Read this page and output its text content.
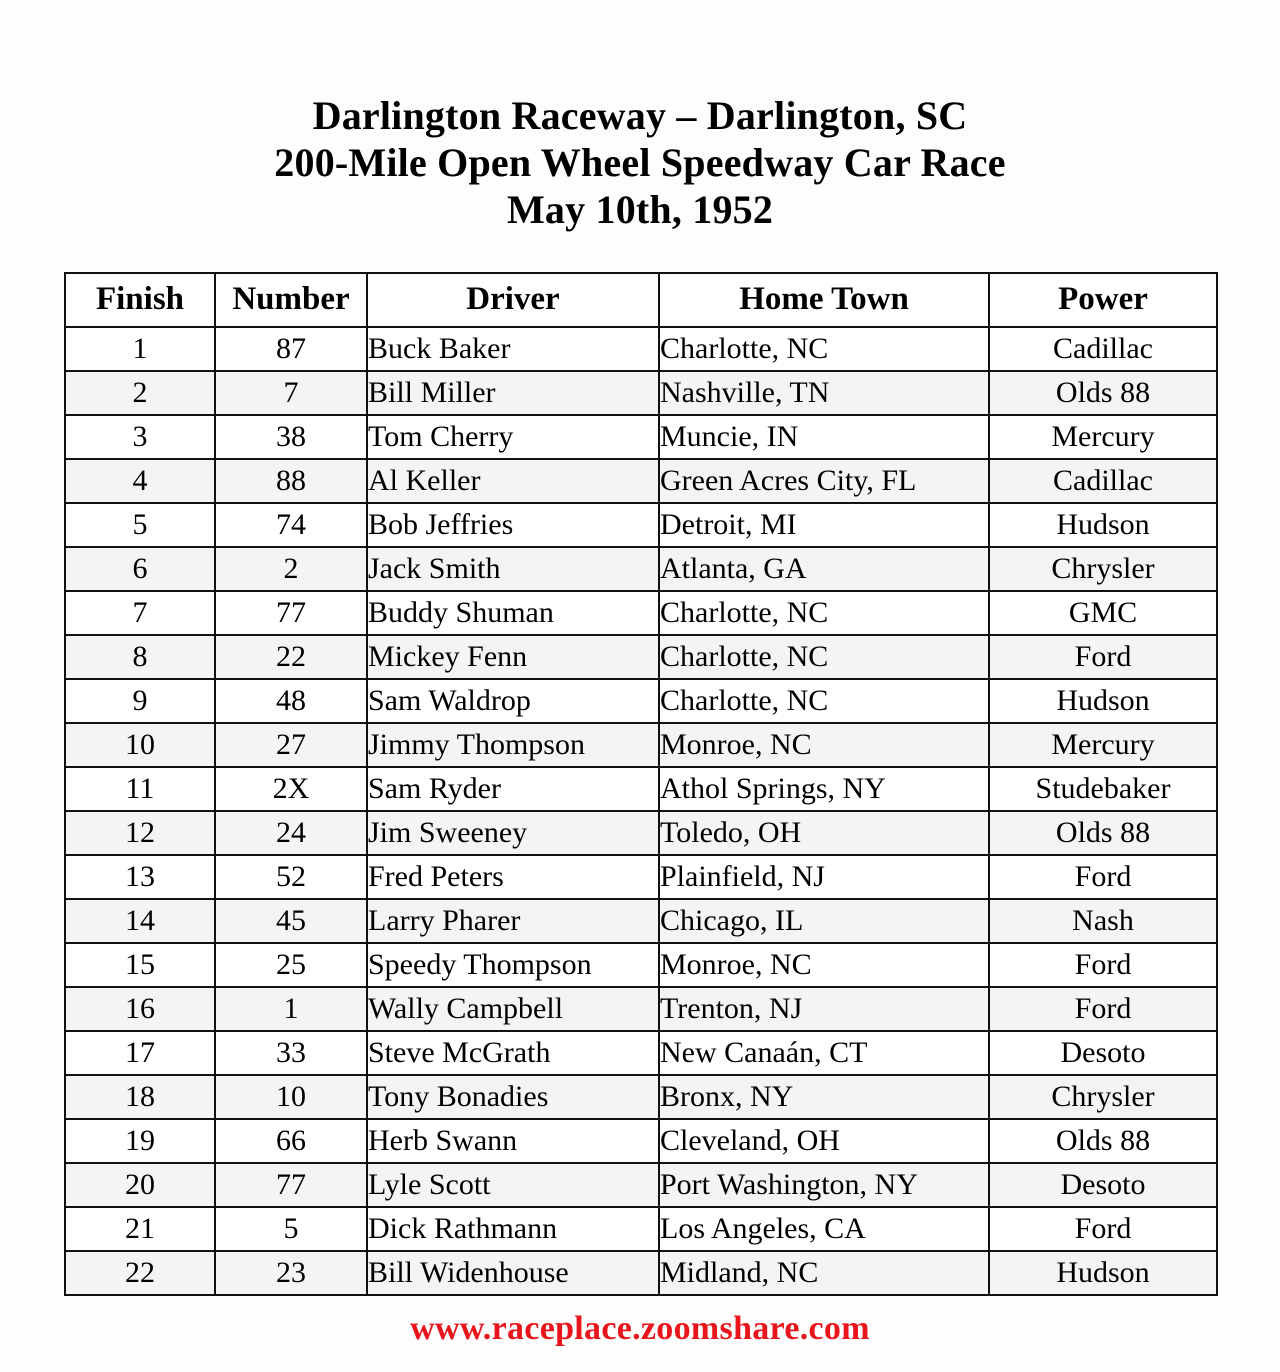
Darlington Raceway – Darlington, SC
200-Mile Open Wheel Speedway Car Race
May 10th, 1952
Finish	Number	Driver	Home Town	Power
1	87	Buck Baker	Charlotte, NC	Cadillac
2	7	Bill Miller	Nashville, TN	Olds 88
3	38	Tom Cherry	Muncie, IN	Mercury
4	88	Al Keller	Green Acres City, FL	Cadillac
5	74	Bob Jeffries	Detroit, MI	Hudson
6	2	Jack Smith	Atlanta, GA	Chrysler
7	77	Buddy Shuman	Charlotte, NC	GMC
8	22	Mickey Fenn	Charlotte, NC	Ford
9	48	Sam Waldrop	Charlotte, NC	Hudson
10	27	Jimmy Thompson	Monroe, NC	Mercury
11	2X	Sam Ryder	Athol Springs, NY	Studebaker
12	24	Jim Sweeney	Toledo, OH	Olds 88
13	52	Fred Peters	Plainfield, NJ	Ford
14	45	Larry Pharer	Chicago, IL	Nash
15	25	Speedy Thompson	Monroe, NC	Ford
16	1	Wally Campbell	Trenton, NJ	Ford
17	33	Steve McGrath	New Canaán, CT	Desoto
18	10	Tony Bonadies	Bronx, NY	Chrysler
19	66	Herb Swann	Cleveland, OH	Olds 88
20	77	Lyle Scott	Port Washington, NY	Desoto
21	5	Dick Rathmann	Los Angeles, CA	Ford
22	23	Bill Widenhouse	Midland, NC	Hudson
www.raceplace.zoomshare.com
